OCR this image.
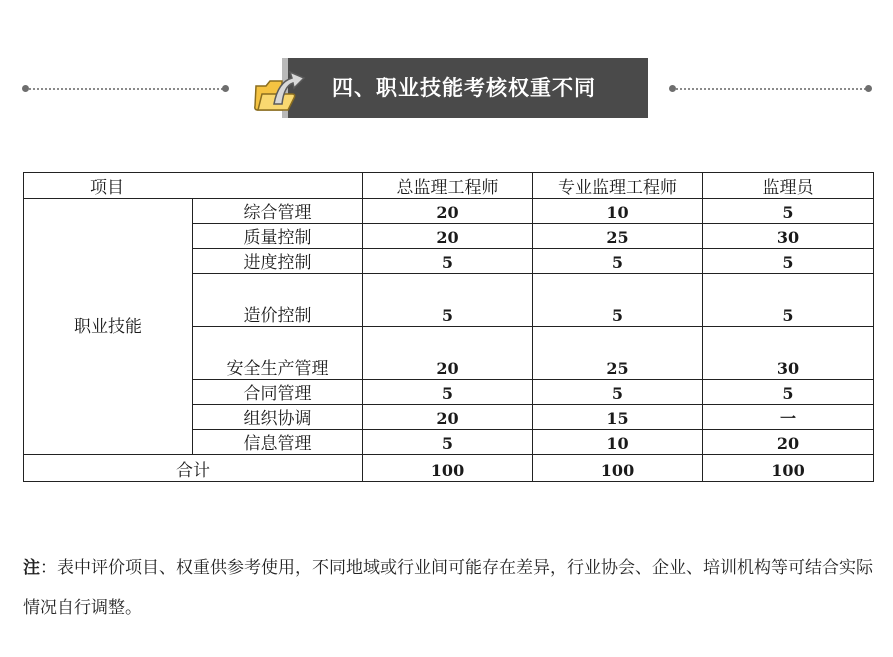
四、职业技能考核权重不同
项目		总监理工程师	专业监理工程师	监理员
职业技能	综合管理	20	10	5
	质量控制	20	25	30
	进度控制	5	5	5
	造价控制	5	5	5
	安全生产管理	20	25	30
	合同管理	5	5	5
	组织协调	20	15	一
	信息管理	5	10	20
合计		100	100	100
注：表中评价项目、权重供参考使用，不同地域或行业间可能存在差异，行业协会、企业、培训机构等可结合实际情况自行调整。
